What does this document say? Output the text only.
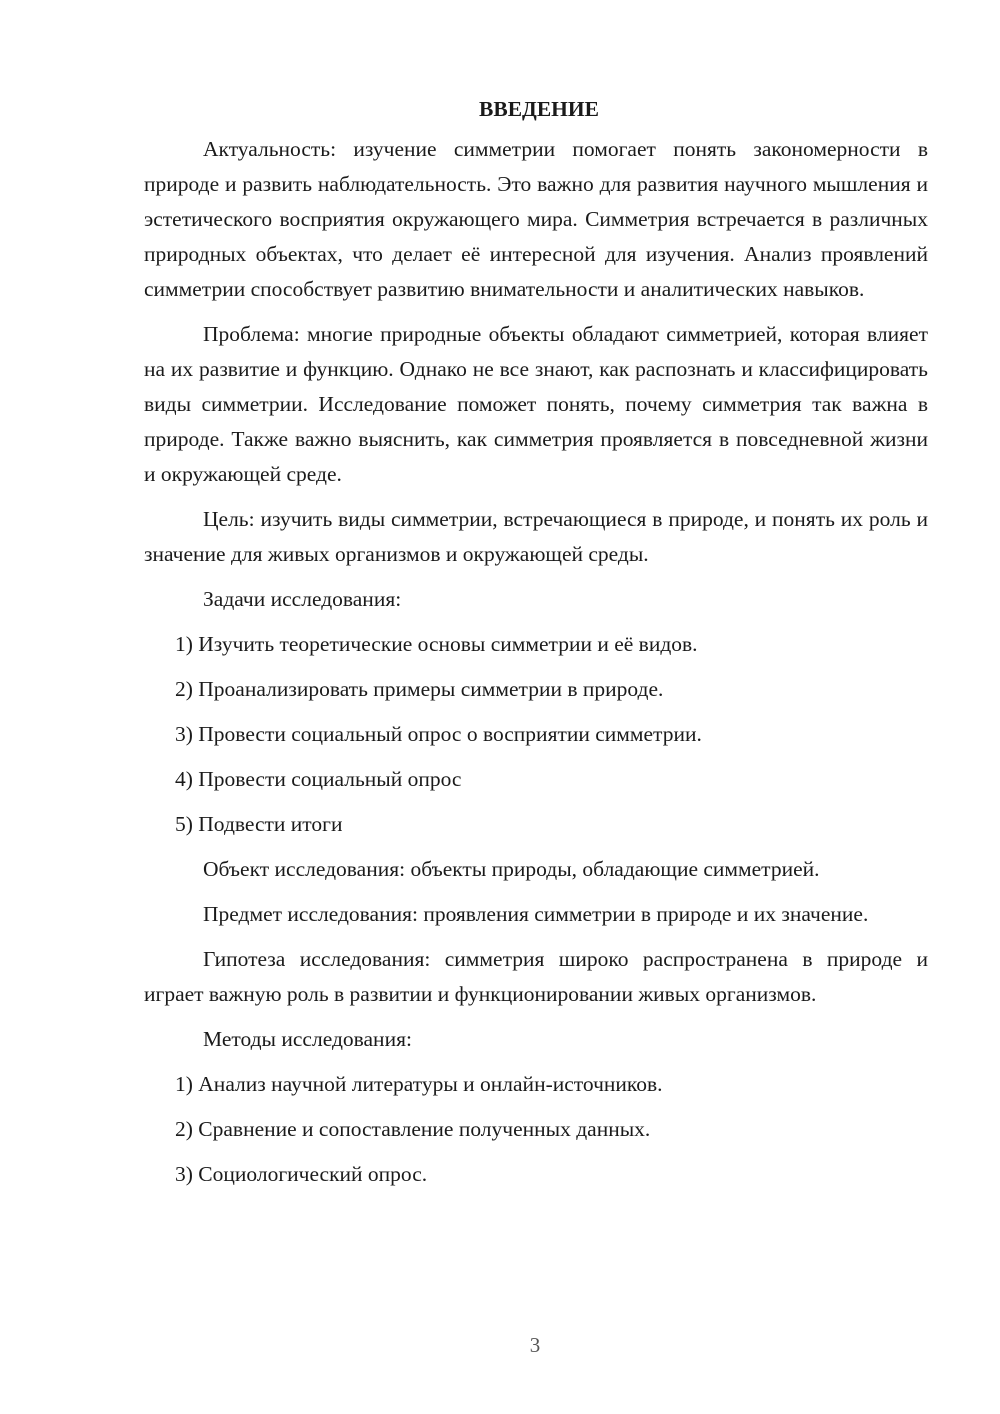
ВВЕДЕНИЕ

Актуальность: изучение симметрии помогает понять закономерности в природе и развить наблюдательность. Это важно для развития научного мышления и эстетического восприятия окружающего мира. Симметрия встречается в различных природных объектах, что делает её интересной для изучения. Анализ проявлений симметрии способствует развитию внимательности и аналитических навыков.

Проблема: многие природные объекты обладают симметрией, которая влияет на их развитие и функцию. Однако не все знают, как распознать и классифицировать виды симметрии. Исследование поможет понять, почему симметрия так важна в природе. Также важно выяснить, как симметрия проявляется в повседневной жизни и окружающей среде.

Цель: изучить виды симметрии, встречающиеся в природе, и понять их роль и значение для живых организмов и окружающей среды.

Задачи исследования:

1) Изучить теоретические основы симметрии и её видов.

2) Проанализировать примеры симметрии в природе.

3) Провести социальный опрос о восприятии симметрии.

4) Провести социальный опрос

5) Подвести итоги

Объект исследования: объекты природы, обладающие симметрией.

Предмет исследования: проявления симметрии в природе и их значение.

Гипотеза исследования: симметрия широко распространена в природе и играет важную роль в развитии и функционировании живых организмов.

Методы исследования:

1) Анализ научной литературы и онлайн-источников.

2) Сравнение и сопоставление полученных данных.

3) Социологический опрос.

3
